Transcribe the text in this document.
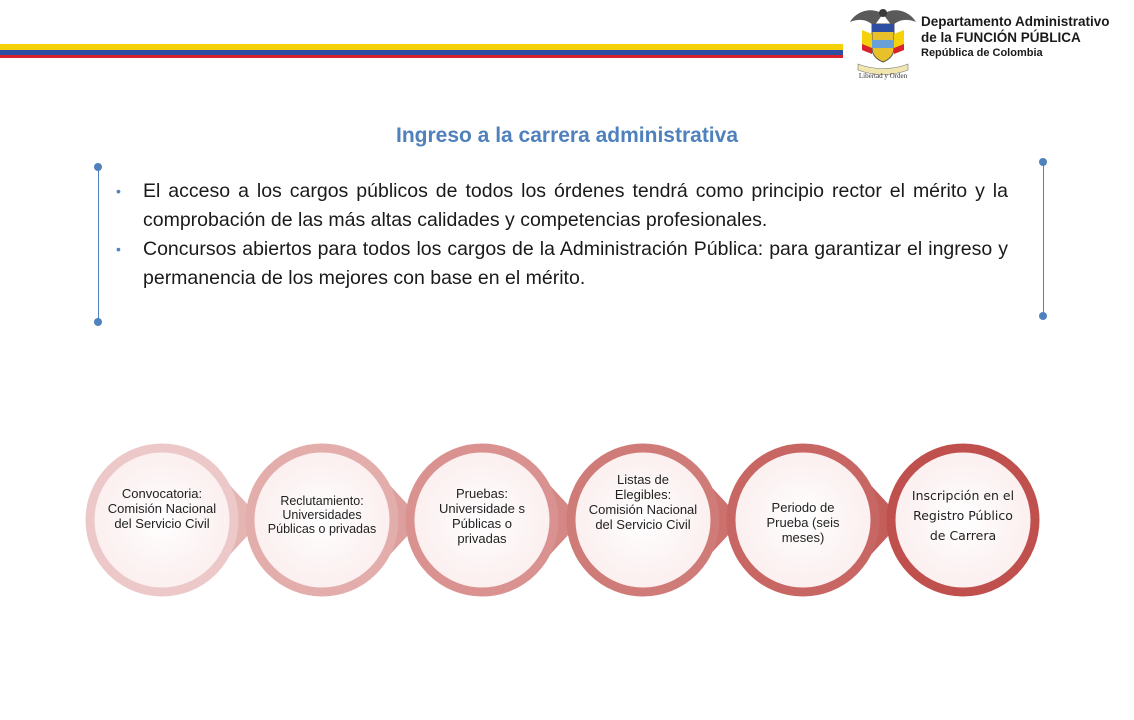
Libertad y Orden
Departamento Administrativo
de la FUNCIÓN PÚBLICA
República de Colombia
Ingreso a la carrera administrativa
• El acceso a los cargos públicos de todos los órdenes tendrá como principio rector el mérito y la comprobación de las más altas calidades y competencias profesionales.
• Concursos abiertos para todos los cargos de la Administración Pública: para garantizar el ingreso y permanencia de los mejores con base en el mérito.
Convocatoria:
Comisión Nacional del Servicio Civil
Reclutamiento:
Universidades Públicas o privadas
Pruebas:
Universidade s Públicas o privadas
Listas de Elegibles:
Comisión Nacional del Servicio Civil
Periodo de Prueba (seis meses)
Inscripción en el Registro Público de Carrera
